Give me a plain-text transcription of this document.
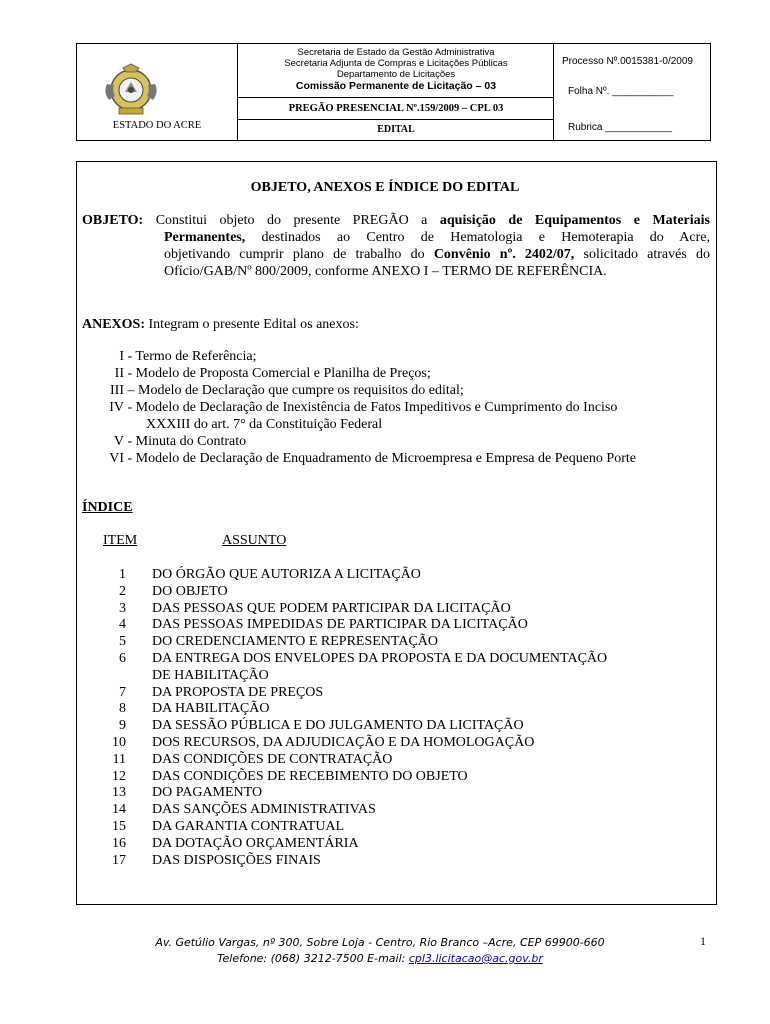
ESTADO DO ACRE
Secretaria de Estado da Gestão Administrativa
Secretaria Adjunta de Compras e Licitações Públicas
Departamento de Licitações
Comissão Permanente de Licitação – 03
PREGÃO PRESENCIAL Nº.159/2009 – CPL 03
EDITAL
Processo Nº.0015381-0/2009
Folha Nº. ___________
Rubrica ____________
OBJETO, ANEXOS E ÍNDICE DO EDITAL
OBJETO: Constitui objeto do presente PREGÃO a aquisição de Equipamentos e Materiais
Permanentes, destinados ao Centro de Hematologia e Hemoterapia do Acre,
objetivando cumprir plano de trabalho do Convênio nº. 2402/07, solicitado através do
Ofício/GAB/Nº 800/2009, conforme ANEXO I – TERMO DE REFERÊNCIA.
ANEXOS: Integram o presente Edital os anexos:
I - Termo de Referência;
II - Modelo de Proposta Comercial e Planilha de Preços;
III – Modelo de Declaração que cumpre os requisitos do edital;
IV - Modelo de Declaração de Inexistência de Fatos Impeditivos e Cumprimento do Inciso
XXXIII do art. 7° da Constituição Federal
V - Minuta do Contrato
VI - Modelo de Declaração de Enquadramento de Microempresa e Empresa de Pequeno Porte
ÍNDICE
ITEM	ASSUNTO
1 DO ÓRGÃO QUE AUTORIZA A LICITAÇÃO
2 DO OBJETO
3 DAS PESSOAS QUE PODEM PARTICIPAR DA LICITAÇÃO
4 DAS PESSOAS IMPEDIDAS DE PARTICIPAR DA LICITAÇÃO
5 DO CREDENCIAMENTO E REPRESENTAÇÃO
6 DA ENTREGA DOS ENVELOPES DA PROPOSTA E DA DOCUMENTAÇÃO
DE HABILITAÇÃO
7 DA PROPOSTA DE PREÇOS
8 DA HABILITAÇÃO
9 DA SESSÃO PÚBLICA E DO JULGAMENTO DA LICITAÇÃO
10 DOS RECURSOS, DA ADJUDICAÇÃO E DA HOMOLOGAÇÃO
11 DAS CONDIÇÕES DE CONTRATAÇÃO
12 DAS CONDIÇÕES DE RECEBIMENTO DO OBJETO
13 DO PAGAMENTO
14 DAS SANÇÕES ADMINISTRATIVAS
15 DA GARANTIA CONTRATUAL
16 DA DOTAÇÃO ORÇAMENTÁRIA
17 DAS DISPOSIÇÕES FINAIS
Av. Getúlio Vargas, nº 300, Sobre Loja - Centro, Rio Branco –Acre, CEP 69900-660
Telefone: (068) 3212-7500 E-mail: cpl3.licitacao@ac.gov.br
1
